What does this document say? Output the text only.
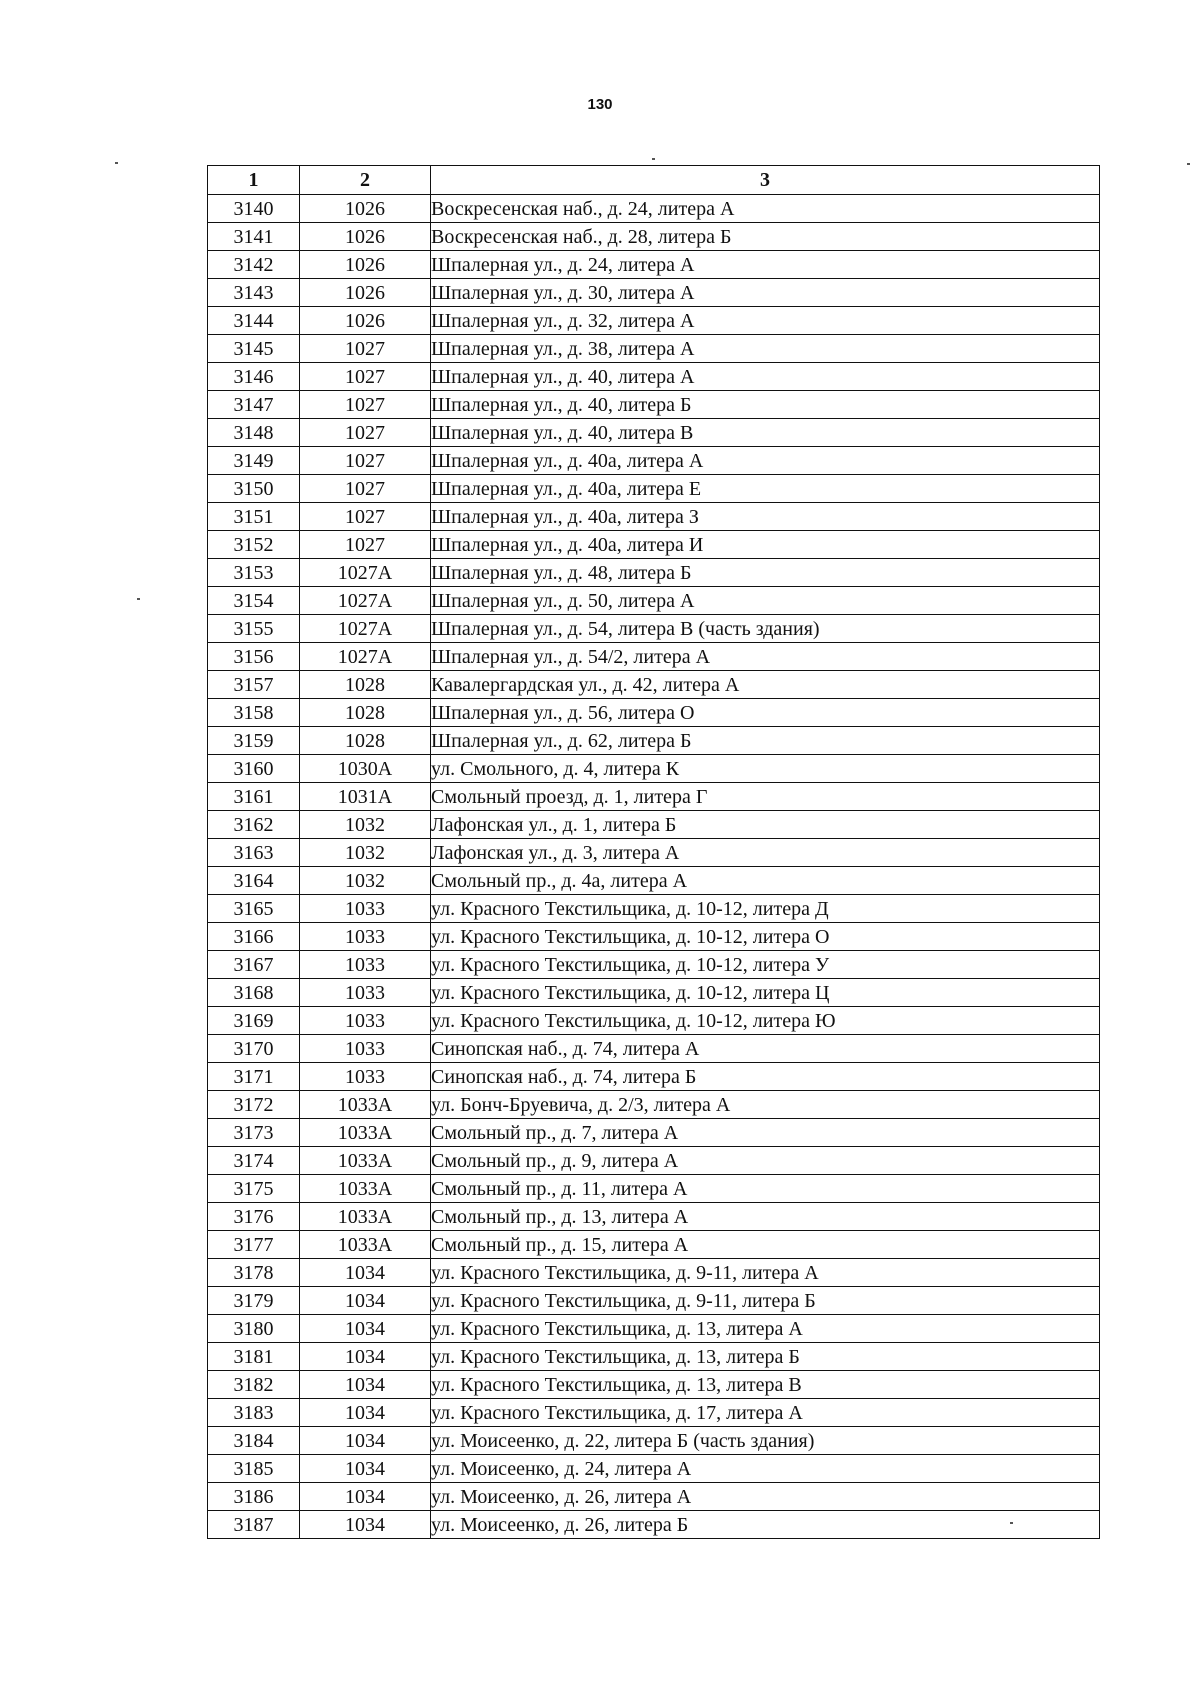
130
1	2	3
3140	1026	Воскресенская наб., д. 24, литера А
3141	1026	Воскресенская наб., д. 28, литера Б
3142	1026	Шпалерная ул., д. 24, литера А
3143	1026	Шпалерная ул., д. 30, литера А
3144	1026	Шпалерная ул., д. 32, литера А
3145	1027	Шпалерная ул., д. 38, литера А
3146	1027	Шпалерная ул., д. 40, литера А
3147	1027	Шпалерная ул., д. 40, литера Б
3148	1027	Шпалерная ул., д. 40, литера В
3149	1027	Шпалерная ул., д. 40а, литера А
3150	1027	Шпалерная ул., д. 40а, литера Е
3151	1027	Шпалерная ул., д. 40а, литера З
3152	1027	Шпалерная ул., д. 40а, литера И
3153	1027А	Шпалерная ул., д. 48, литера Б
3154	1027А	Шпалерная ул., д. 50, литера А
3155	1027А	Шпалерная ул., д. 54, литера В (часть здания)
3156	1027А	Шпалерная ул., д. 54/2, литера А
3157	1028	Кавалергардская ул., д. 42, литера А
3158	1028	Шпалерная ул., д. 56, литера О
3159	1028	Шпалерная ул., д. 62, литера Б
3160	1030А	ул. Смольного, д. 4, литера К
3161	1031А	Смольный проезд, д. 1, литера Г
3162	1032	Лафонская ул., д. 1, литера Б
3163	1032	Лафонская ул., д. 3, литера А
3164	1032	Смольный пр., д. 4а, литера А
3165	1033	ул. Красного Текстильщика, д. 10-12, литера Д
3166	1033	ул. Красного Текстильщика, д. 10-12, литера О
3167	1033	ул. Красного Текстильщика, д. 10-12, литера У
3168	1033	ул. Красного Текстильщика, д. 10-12, литера Ц
3169	1033	ул. Красного Текстильщика, д. 10-12, литера Ю
3170	1033	Синопская наб., д. 74, литера А
3171	1033	Синопская наб., д. 74, литера Б
3172	1033А	ул. Бонч-Бруевича, д. 2/3, литера А
3173	1033А	Смольный пр., д. 7, литера А
3174	1033А	Смольный пр., д. 9, литера А
3175	1033А	Смольный пр., д. 11, литера А
3176	1033А	Смольный пр., д. 13, литера А
3177	1033А	Смольный пр., д. 15, литера А
3178	1034	ул. Красного Текстильщика, д. 9-11, литера А
3179	1034	ул. Красного Текстильщика, д. 9-11, литера Б
3180	1034	ул. Красного Текстильщика, д. 13, литера А
3181	1034	ул. Красного Текстильщика, д. 13, литера Б
3182	1034	ул. Красного Текстильщика, д. 13, литера В
3183	1034	ул. Красного Текстильщика, д. 17, литера А
3184	1034	ул. Моисеенко, д. 22, литера Б (часть здания)
3185	1034	ул. Моисеенко, д. 24, литера А
3186	1034	ул. Моисеенко, д. 26, литера А
3187	1034	ул. Моисеенко, д. 26, литера Б
